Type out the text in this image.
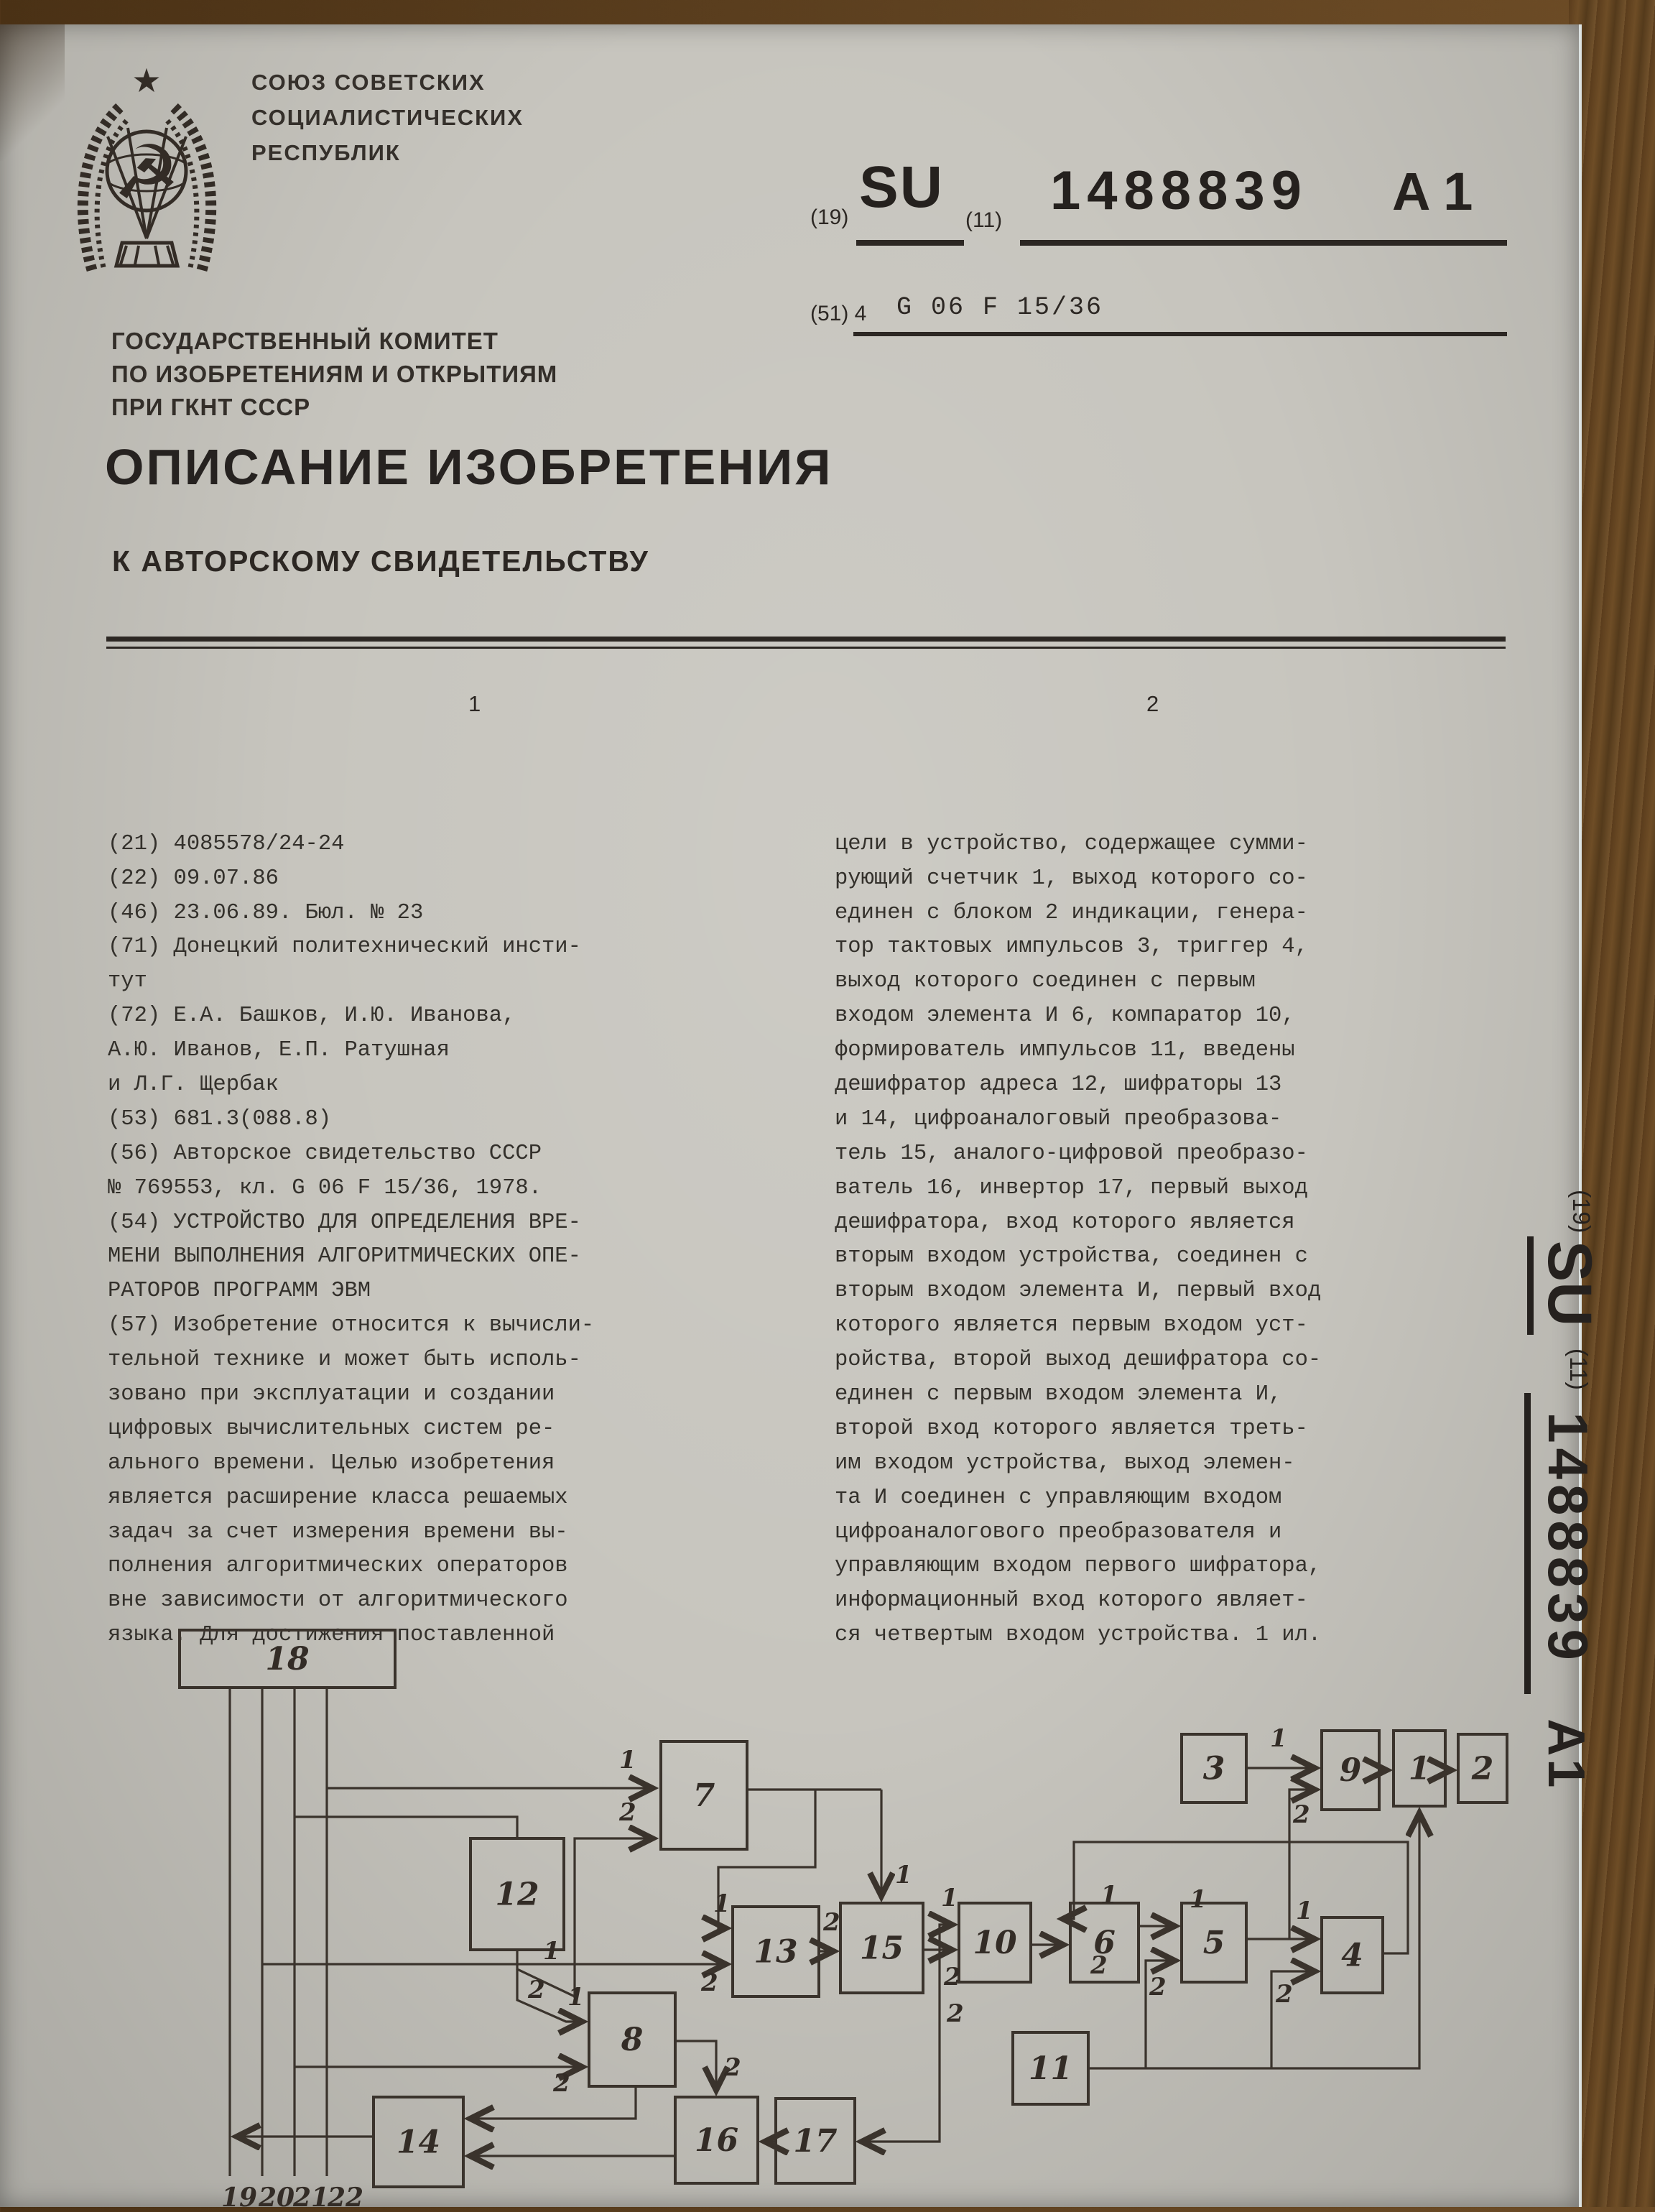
★
☭
СОЮЗ СОВЕТСКИХ
СОЦИАЛИСТИЧЕСКИХ
РЕСПУБЛИК
(19) SU
(11) 1488839 A 1
(51) 4 G 06 F 15/36
ГОСУДАРСТВЕННЫЙ КОМИТЕТ
ПО ИЗОБРЕТЕНИЯМ И ОТКРЫТИЯМ
ПРИ ГКНТ СССР
ОПИСАНИЕ ИЗОБРЕТЕНИЯ
К АВТОРСКОМУ СВИДЕТЕЛЬСТВУ
1	2

(21) 4085578/24-24
(22) 09.07.86
(46) 23.06.89. Бюл. № 23
(71) Донецкий политехнический инсти-
тут
(72) Е.А. Башков, И.Ю. Иванова,
А.Ю. Иванов, Е.П. Ратушная
и Л.Г. Щербак
(53) 681.3(088.8)
(56) Авторское свидетельство СССР
№ 769553, кл. G 06 F 15/36, 1978.
(54) УСТРОЙСТВО ДЛЯ ОПРЕДЕЛЕНИЯ ВРЕ-
МЕНИ ВЫПОЛНЕНИЯ АЛГОРИТМИЧЕСКИХ ОПЕ-
РАТОРОВ ПРОГРАММ ЭВМ
(57) Изобретение относится к вычисли-
тельной технике и может быть исполь-
зовано при эксплуатации и создании
цифровых вычислительных систем ре-
ального времени. Целью изобретения
является расширение класса решаемых
задач за счет измерения времени вы-
полнения алгоритмических операторов
вне зависимости от алгоритмического
языка. Для достижения поставленной

цели в устройство, содержащее сумми-
рующий счетчик 1, выход которого со-
единен с блоком 2 индикации, генера-
тор тактовых импульсов 3, триггер 4,
выход которого соединен с первым
входом элемента И 6, компаратор 10,
формирователь импульсов 11, введены
дешифратор адреса 12, шифраторы 13
и 14, цифроаналоговый преобразова-
тель 15, аналого-цифровой преобразо-
ватель 16, инвертор 17, первый выход
дешифратора, вход которого является
вторым входом устройства, соединен с
вторым входом элемента И, первый вход
которого является первым входом уст-
ройства, второй выход дешифратора со-
единен с первым входом элемента И,
второй вход которого является треть-
им входом устройства, выход элемен-
та И соединен с управляющим входом
цифроаналогового преобразователя и
управляющим входом первого шифратора,
информационный вход которого являет-
ся четвертым входом устройства. 1 ил.
(19) SU (11) 1488839 A1
18
7
12
13 15
8
14	16 17
10 6	5	4
11
3	9 1 2
1
2
1
2 1
2
1
2
2
1
1
2
2
2
2
1	1
2
1
2
1
2
19 20
21
22
